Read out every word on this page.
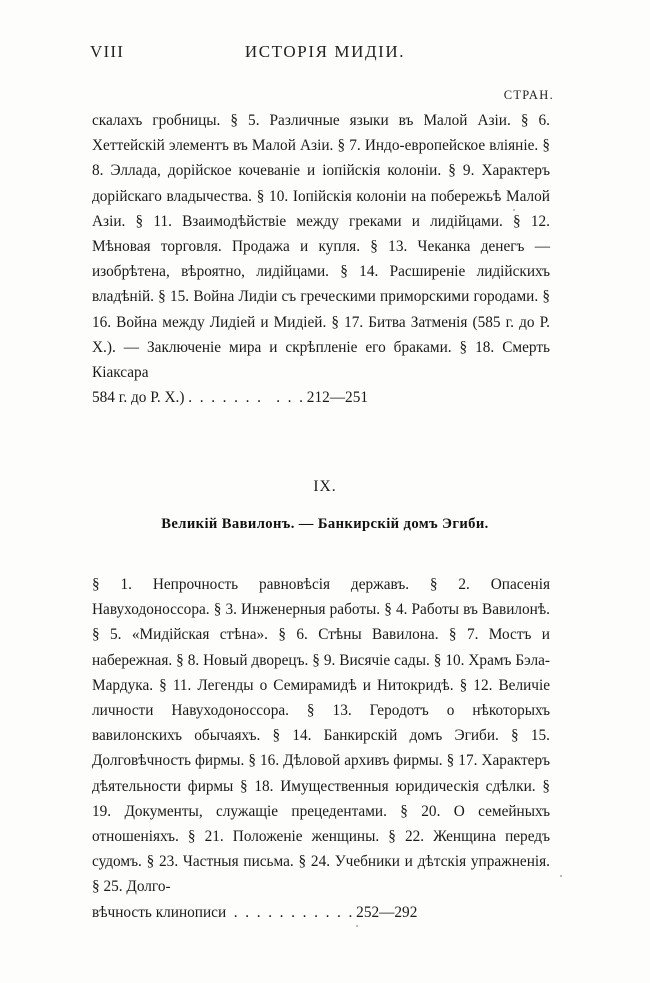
VIII	ИСТОРІЯ МИДІИ.
СТРАН.
скалахъ гробницы. § 5. Различные языки въ Малой Азіи. § 6. Хеттейскій элементъ въ Малой Азіи. § 7. Индо-европейское вліяніе. § 8. Эллада, дорійское кочеваніе и іопійскія колоніи. § 9. Характеръ дорійскаго владычества. § 10. Іопійскія колоніи на побережьѣ Малой Азіи. § 11. Взаимодѣйствіе между греками и лидійцами. § 12. Мѣновая торговля. Продажа и купля. § 13. Чеканка денегъ — изобрѣтена, вѣроятно, лидійцами. § 14. Расширеніе лидійскихъ владѣній. § 15. Война Лидіи съ греческими приморскими городами. § 16. Война между Лидіей и Мидіей. § 17. Битва Затменія (585 г. до Р. Х.). — Заключеніе мира и скрѣпленіе его браками. § 18. Смерть Кіаксара
584 г. до Р. Х.) .  .  .  .  .  .  .    .  .  . 212—251
IX.
Великій Вавилонъ. — Банкирскій домъ Эгиби.
§ 1. Непрочность равновѣсія державъ. § 2. Опасенія Навуходоноссора. § 3. Инженерныя работы. § 4. Работы въ Вавилонѣ. § 5. «Мидійская стѣна». § 6. Стѣны Вавилона. § 7. Мостъ и набережная. § 8. Новый дворецъ. § 9. Висячіе сады. § 10. Храмъ Бэла-Мардука. § 11. Легенды о Семирамидѣ и Нитокридѣ. § 12. Величіе личности Навуходоноссора. § 13. Геродотъ о нѣкоторыхъ вавилонскихъ обычаяхъ. § 14. Банкирскій домъ Эгиби. § 15. Долговѣчность фирмы. § 16. Дѣловой архивъ фирмы. § 17. Характеръ дѣятельности фирмы § 18. Имущественныя юридическія сдѣлки. § 19. Документы, служащіе прецедентами. § 20. О семейныхъ отношеніяхъ. § 21. Положеніе женщины. § 22. Женщина передъ судомъ. § 23. Частныя письма. § 24. Учебники и дѣтскія упражненія. § 25. Долго-
вѣчность клинописи  .  .  .  .  .  .  .  .  .  .  . 252—292
